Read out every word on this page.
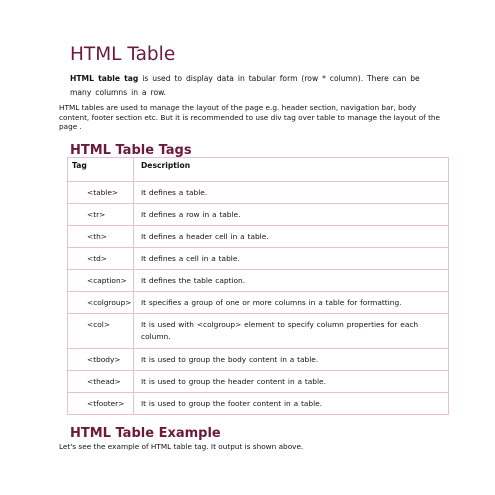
HTML Table

HTML table tag is used to display data in tabular form (row * column). There can be many columns in a row.

HTML tables are used to manage the layout of the page e.g. header section, navigation bar, body content, footer section etc. But it is recommended to use div tag over table to manage the layout of the page .

HTML Table Tags
Tag	Description
<table>	It defines a table.
<tr>	It defines a row in a table.
<th>	It defines a header cell in a table.
<td>	It defines a cell in a table.
<caption>	It defines the table caption.
<colgroup>	It specifies a group of one or more columns in a table for formatting.
<col>	It is used with <colgroup> element to specify column properties for each column.
<tbody>	It is used to group the body content in a table.
<thead>	It is used to group the header content in a table.
<tfooter>	It is used to group the footer content in a table.
HTML Table Example

Let's see the example of HTML table tag. It output is shown above.
